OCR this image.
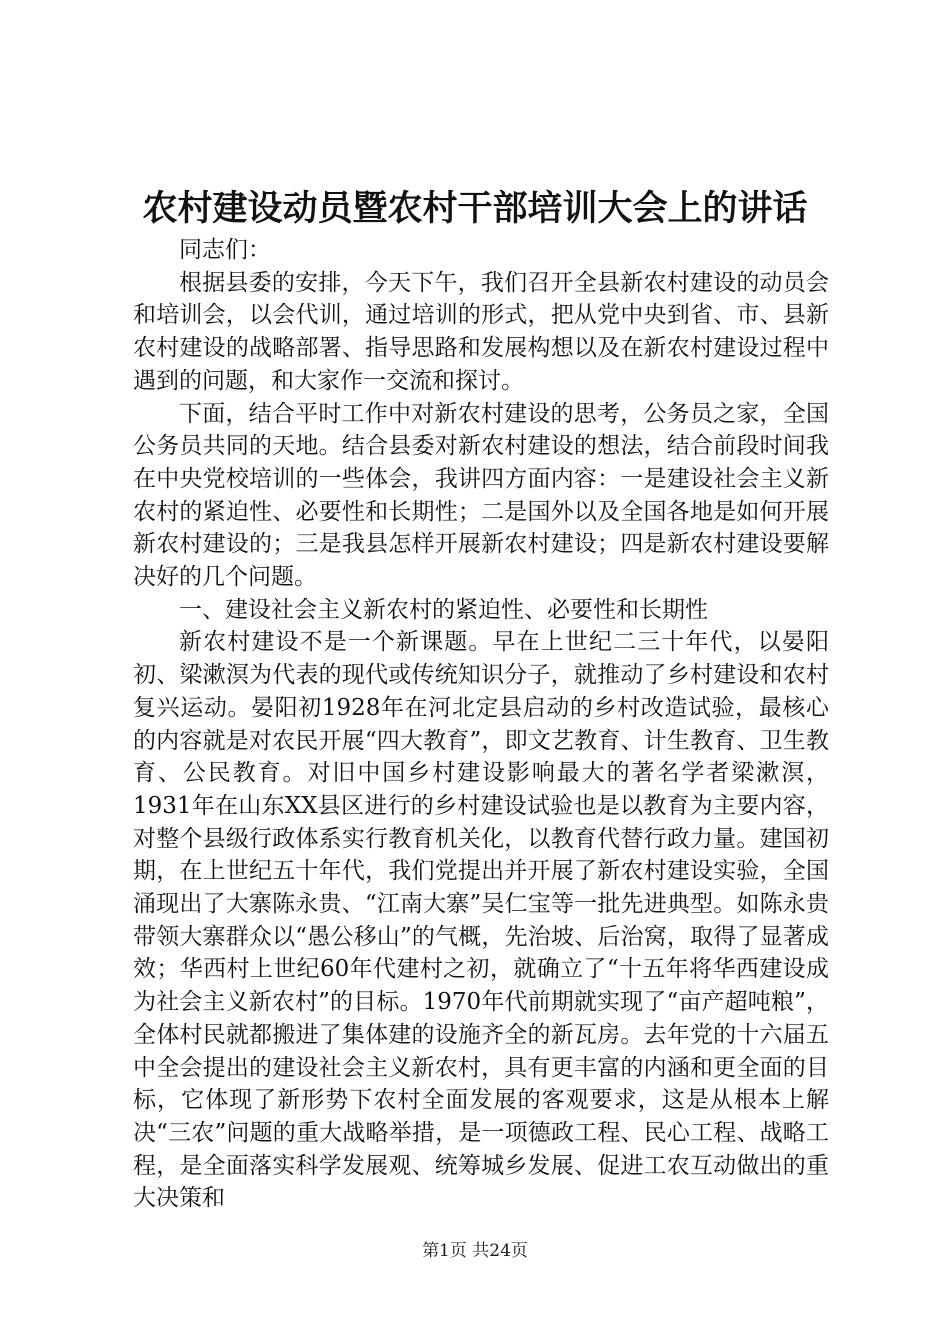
农村建设动员暨农村干部培训大会上的讲话

同志们：

根据县委的安排，今天下午，我们召开全县新农村建设的动员会和培训会，以会代训，通过培训的形式，把从党中央到省、市、县新农村建设的战略部署、指导思路和发展构想以及在新农村建设过程中遇到的问题，和大家作一交流和探讨。

下面，结合平时工作中对新农村建设的思考，公务员之家，全国公务员共同的天地。结合县委对新农村建设的想法，结合前段时间我在中央党校培训的一些体会，我讲四方面内容：一是建设社会主义新农村的紧迫性、必要性和长期性；二是国外以及全国各地是如何开展新农村建设的；三是我县怎样开展新农村建设；四是新农村建设要解决好的几个问题。

一、建设社会主义新农村的紧迫性、必要性和长期性

新农村建设不是一个新课题。早在上世纪二三十年代，以晏阳初、梁漱溟为代表的现代或传统知识分子，就推动了乡村建设和农村复兴运动。晏阳初1928年在河北定县启动的乡村改造试验，最核心的内容就是对农民开展“四大教育”，即文艺教育、计生教育、卫生教育、公民教育。对旧中国乡村建设影响最大的著名学者梁漱溟，1931年在山东XX县区进行的乡村建设试验也是以教育为主要内容，对整个县级行政体系实行教育机关化，以教育代替行政力量。建国初期，在上世纪五十年代，我们党提出并开展了新农村建设实验，全国涌现出了大寨陈永贵、“江南大寨”吴仁宝等一批先进典型。如陈永贵带领大寨群众以“愚公移山”的气概，先治坡、后治窝，取得了显著成效；华西村上世纪60年代建村之初，就确立了“十五年将华西建设成为社会主义新农村”的目标。1970年代前期就实现了“亩产超吨粮”，全体村民就都搬进了集体建的设施齐全的新瓦房。去年党的十六届五中全会提出的建设社会主义新农村，具有更丰富的内涵和更全面的目标，它体现了新形势下农村全面发展的客观要求，这是从根本上解决“三农”问题的重大战略举措，是一项德政工程、民心工程、战略工程，是全面落实科学发展观、统筹城乡发展、促进工农互动做出的重大决策和

第1页 共24页
